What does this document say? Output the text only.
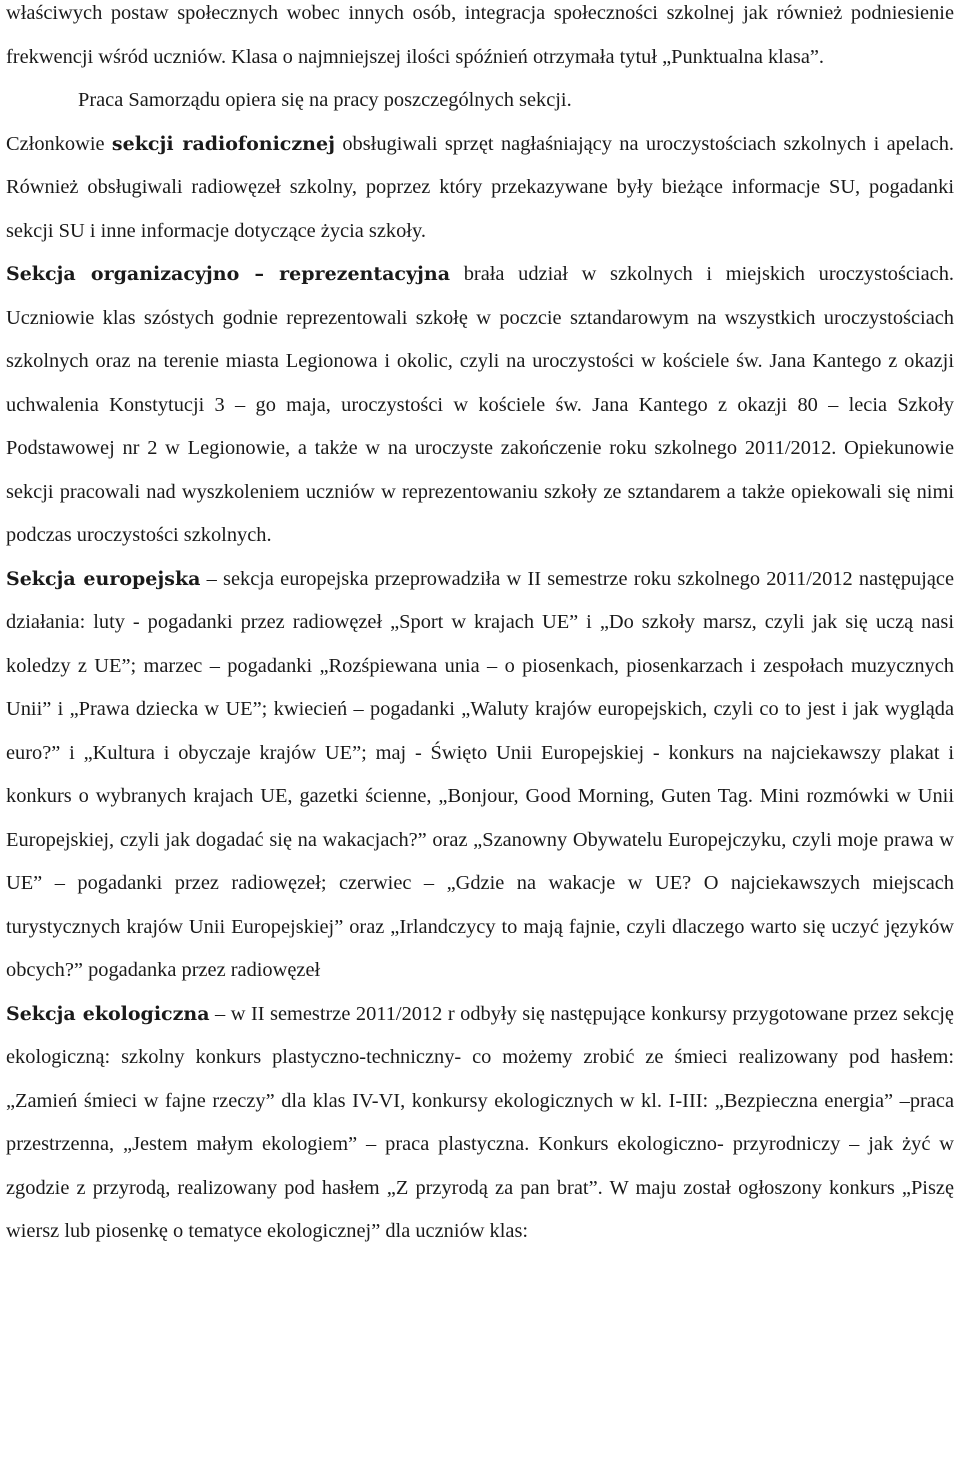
właściwych postaw społecznych wobec innych osób, integracja społeczności szkolnej jak również podniesienie frekwencji wśród uczniów. Klasa o najmniejszej ilości spóźnień otrzymała tytuł „Punktualna klasa”.

Praca Samorządu opiera się na pracy poszczególnych sekcji.

Członkowie sekcji radiofonicznej obsługiwali sprzęt nagłaśniający na uroczystościach szkolnych i apelach. Również obsługiwali radiowęzeł szkolny, poprzez który przekazywane były bieżące informacje SU, pogadanki sekcji SU i inne informacje dotyczące życia szkoły.

Sekcja organizacyjno – reprezentacyjna brała udział w szkolnych i miejskich uroczystościach. Uczniowie klas szóstych godnie reprezentowali szkołę w poczcie sztandarowym na wszystkich uroczystościach szkolnych oraz na terenie miasta Legionowa i okolic, czyli na uroczystości w kościele św. Jana Kantego z okazji uchwalenia Konstytucji 3 – go maja, uroczystości w kościele św. Jana Kantego z okazji 80 – lecia Szkoły Podstawowej nr 2 w Legionowie, a także w na uroczyste zakończenie roku szkolnego 2011/2012. Opiekunowie sekcji pracowali nad wyszkoleniem uczniów w reprezentowaniu szkoły ze sztandarem a także opiekowali się nimi podczas uroczystości szkolnych.

Sekcja europejska – sekcja europejska przeprowadziła w II semestrze roku szkolnego 2011/2012 następujące działania: luty - pogadanki przez radiowęzeł „Sport w krajach UE” i „Do szkoły marsz, czyli jak się uczą nasi koledzy z UE”; marzec – pogadanki „Rozśpiewana unia – o piosenkach, piosenkarzach i zespołach muzycznych Unii” i „Prawa dziecka w UE”; kwiecień – pogadanki „Waluty krajów europejskich, czyli co to jest i jak wygląda euro?” i „Kultura i obyczaje krajów UE”; maj - Święto Unii Europejskiej - konkurs na najciekawszy plakat i konkurs o wybranych krajach UE, gazetki ścienne, „Bonjour, Good Morning, Guten Tag. Mini rozmówki w Unii Europejskiej, czyli jak dogadać się na wakacjach?” oraz „Szanowny Obywatelu Europejczyku, czyli moje prawa w UE” – pogadanki przez radiowęzeł; czerwiec – „Gdzie na wakacje w UE? O najciekawszych miejscach turystycznych krajów Unii Europejskiej” oraz „Irlandczycy to mają fajnie, czyli dlaczego warto się uczyć języków obcych?” pogadanka przez radiowęzeł

Sekcja ekologiczna – w II semestrze 2011/2012 r odbyły się następujące konkursy przygotowane przez sekcję ekologiczną: szkolny konkurs plastyczno-techniczny- co możemy zrobić ze śmieci realizowany pod hasłem: „Zamień śmieci w fajne rzeczy” dla klas IV-VI, konkursy ekologicznych w kl. I-III: „Bezpieczna energia” –praca przestrzenna, „Jestem małym ekologiem” – praca plastyczna. Konkurs ekologiczno- przyrodniczy – jak żyć w zgodzie z przyrodą, realizowany pod hasłem „Z przyrodą za pan brat”. W maju został ogłoszony konkurs „Piszę wiersz lub piosenkę o tematyce ekologicznej” dla uczniów klas:
